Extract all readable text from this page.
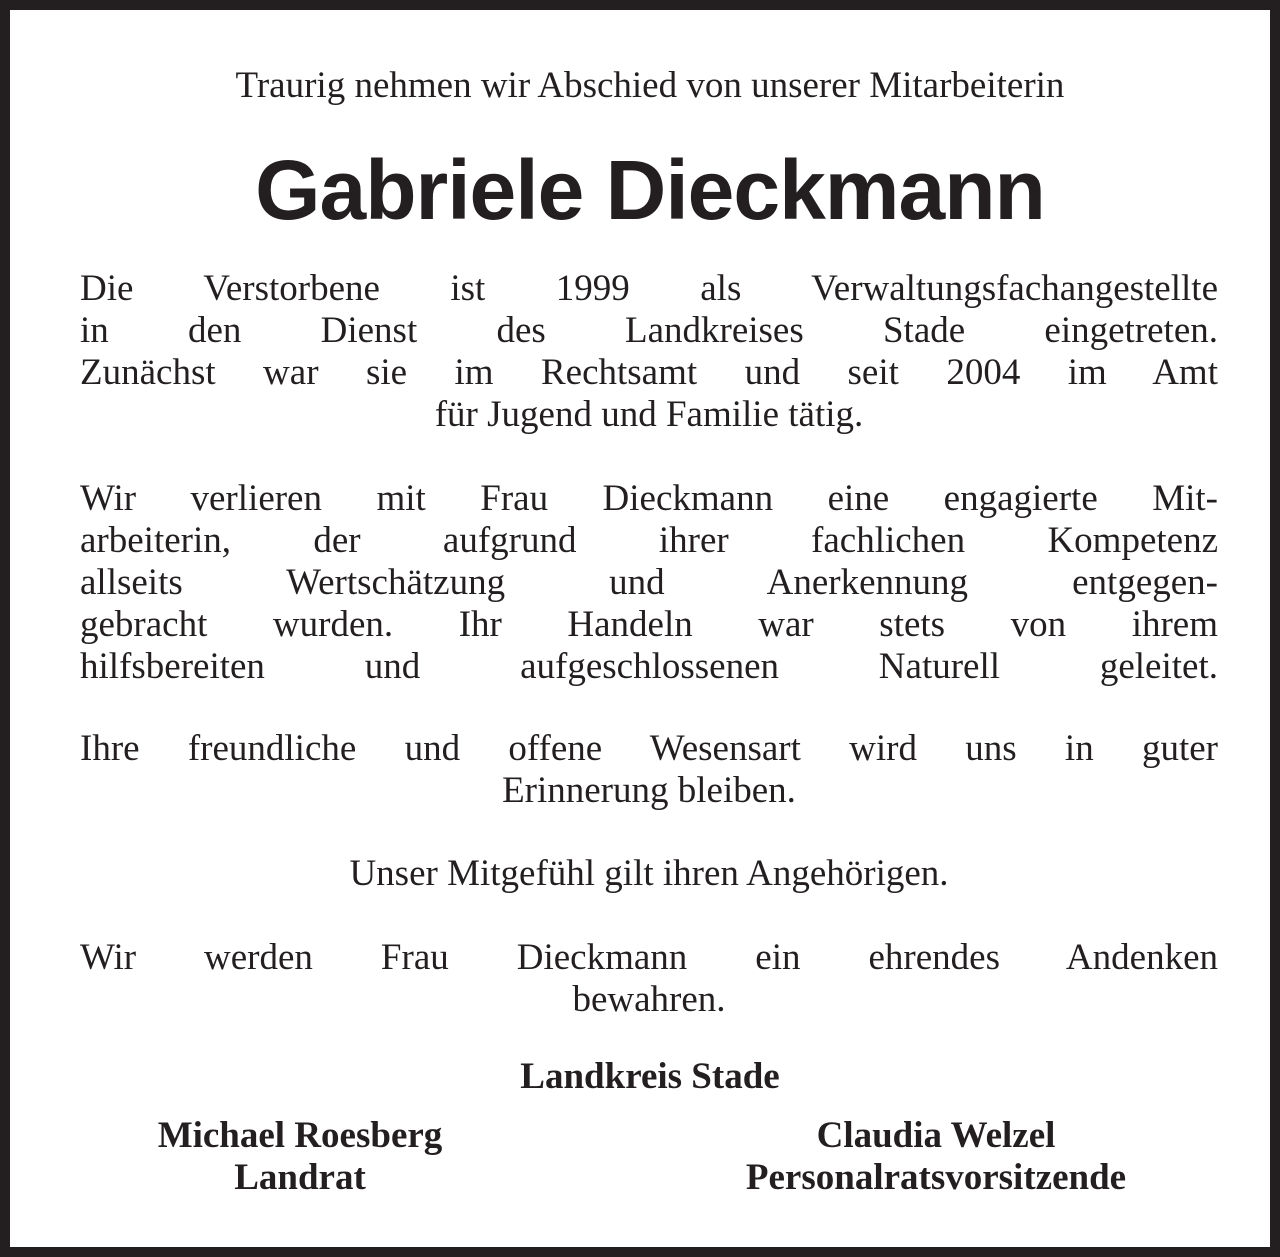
Traurig nehmen wir Abschied von unserer Mitarbeiterin
Gabriele Dieckmann
Die Verstorbene ist 1999 als Verwaltungsfachangestellte
in den Dienst des Landkreises Stade eingetreten.
Zunächst war sie im Rechtsamt und seit 2004 im Amt
für Jugend und Familie tätig.
Wir verlieren mit Frau Dieckmann eine engagierte Mit-
arbeiterin, der aufgrund ihrer fachlichen Kompetenz
allseits Wertschätzung und Anerkennung entgegen-
gebracht wurden. Ihr Handeln war stets von ihrem
hilfsbereiten und aufgeschlossenen Naturell geleitet.
Ihre freundliche und offene Wesensart wird uns in guter
Erinnerung bleiben.
Unser Mitgefühl gilt ihren Angehörigen.
Wir werden Frau Dieckmann ein ehrendes Andenken
bewahren.
Landkreis Stade
Michael Roesberg
Landrat
Claudia Welzel
Personalratsvorsitzende
